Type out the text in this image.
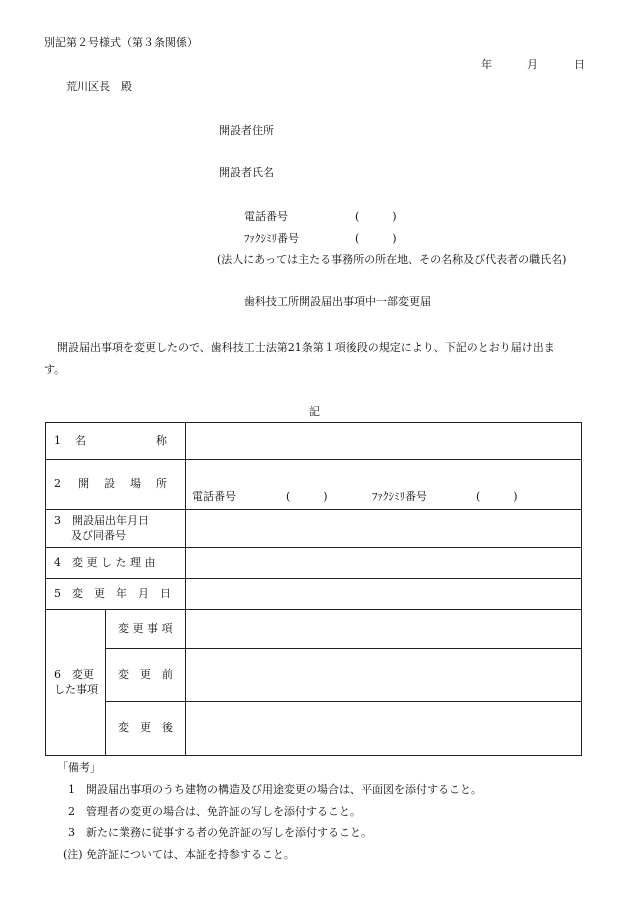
別記第２号様式（第３条関係）
年	月	日
荒川区長　殿
開設者住所
開設者氏名
電話番号	(　　　)
ﾌｧｸｼﾐﾘ番号	(　　　)
(法人にあっては主たる事務所の所在地、その名称及び代表者の職氏名)
歯科技工所開設届出事項中一部変更届
開設届出事項を変更したので、歯科技工士法第21条第１項後段の規定により、下記のとおり届け出ま
す。
記
1 名 称		

2 開 設 場 所		電話番号 (　　　) ﾌｧｸｼﾐﾘ番号 (　　　)

3　開設届出年月日
及び同番号		

4 変 更 し た 理 由		

5 変　更　年　月　日		

6　変更
した事項	変 更 事 項	

	変　更　前	

	変　更　後	

「備考」
1　開設届出事項のうち建物の構造及び用途変更の場合は、平面図を添付すること。
2　管理者の変更の場合は、免許証の写しを添付すること。
3　新たに業務に従事する者の免許証の写しを添付すること。
(注) 免許証については、本証を持参すること。
